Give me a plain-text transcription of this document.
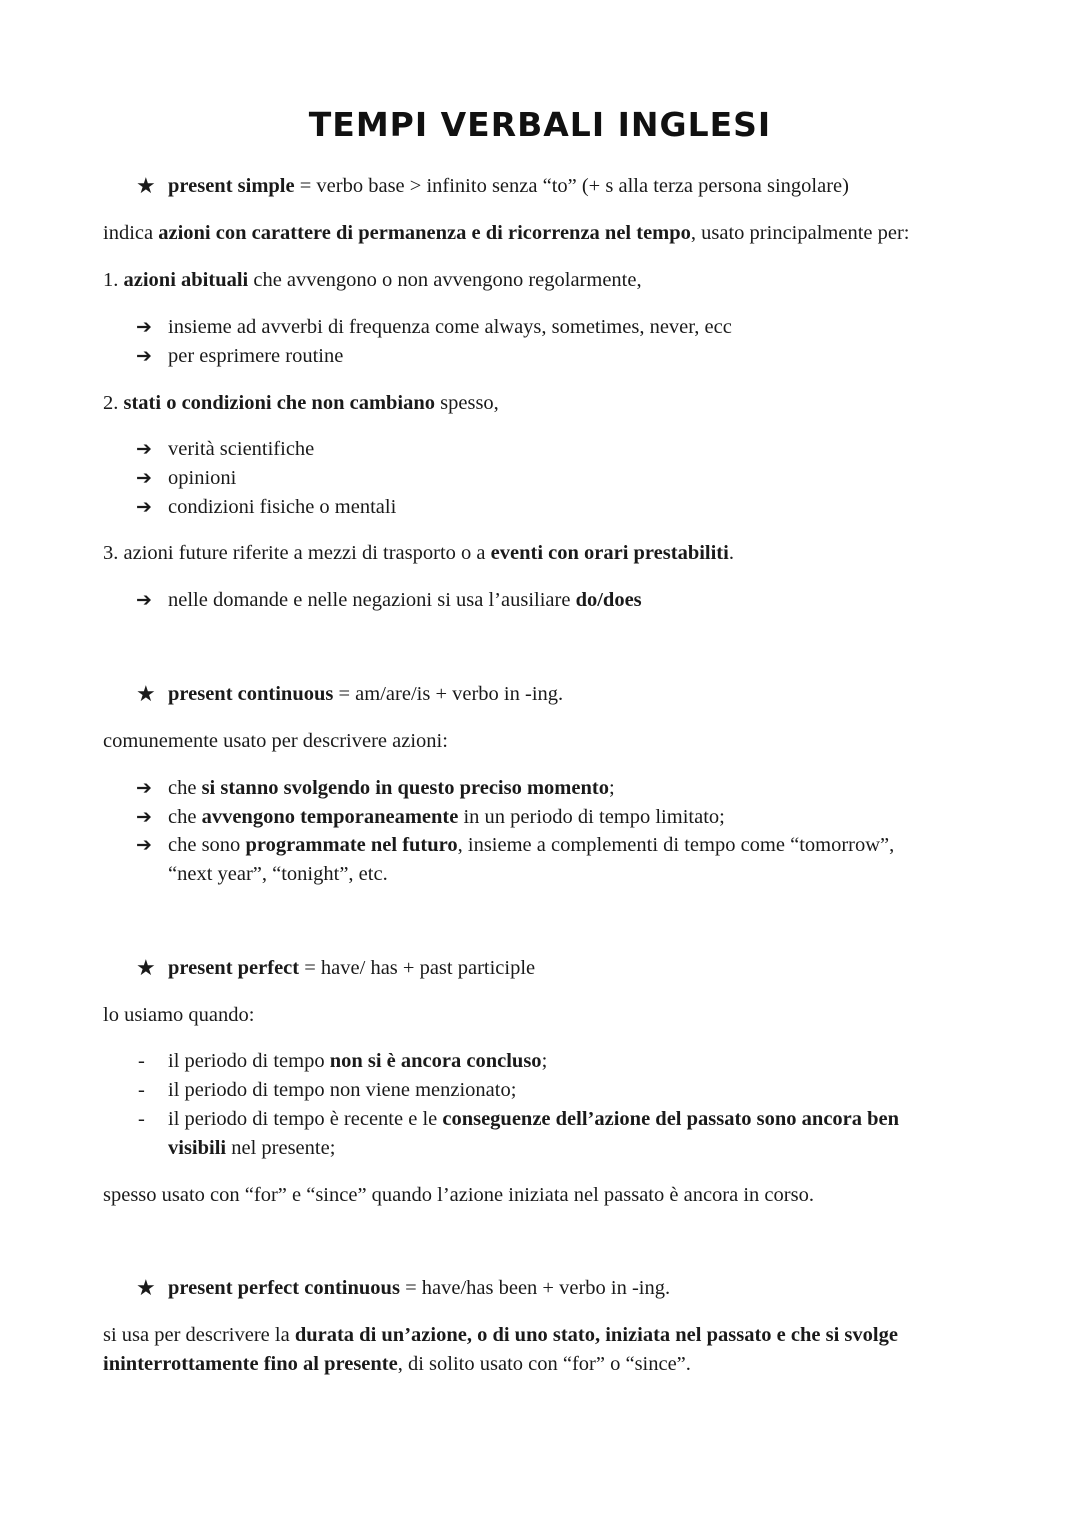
TEMPI VERBALI INGLESI
★ present simple = verbo base > infinito senza “to” (+ s alla terza persona singolare)
indica azioni con carattere di permanenza e di ricorrenza nel tempo, usato principalmente per:
1. azioni abituali che avvengono o non avvengono regolarmente,
➔ insieme ad avverbi di frequenza come always, sometimes, never, ecc
➔ per esprimere routine
2. stati o condizioni che non cambiano spesso,
➔ verità scientifiche
➔ opinioni
➔ condizioni fisiche o mentali
3. azioni future riferite a mezzi di trasporto o a eventi con orari prestabiliti.
➔ nelle domande e nelle negazioni si usa l’ausiliare do/does
★ present continuous = am/are/is + verbo in -ing.
comunemente usato per descrivere azioni:
➔ che si stanno svolgendo in questo preciso momento;
➔ che avvengono temporaneamente in un periodo di tempo limitato;
➔ che sono programmate nel futuro, insieme a complementi di tempo come “tomorrow”,
“next year”, “tonight”, etc.
★ present perfect = have/ has + past participle
lo usiamo quando:
- il periodo di tempo non si è ancora concluso;
- il periodo di tempo non viene menzionato;
- il periodo di tempo è recente e le conseguenze dell’azione del passato sono ancora ben
visibili nel presente;
spesso usato con “for” e “since” quando l’azione iniziata nel passato è ancora in corso.
★ present perfect continuous = have/has been + verbo in -ing.
si usa per descrivere la durata di un’azione, o di uno stato, iniziata nel passato e che si svolge
ininterrottamente fino al presente, di solito usato con “for” o “since”.
